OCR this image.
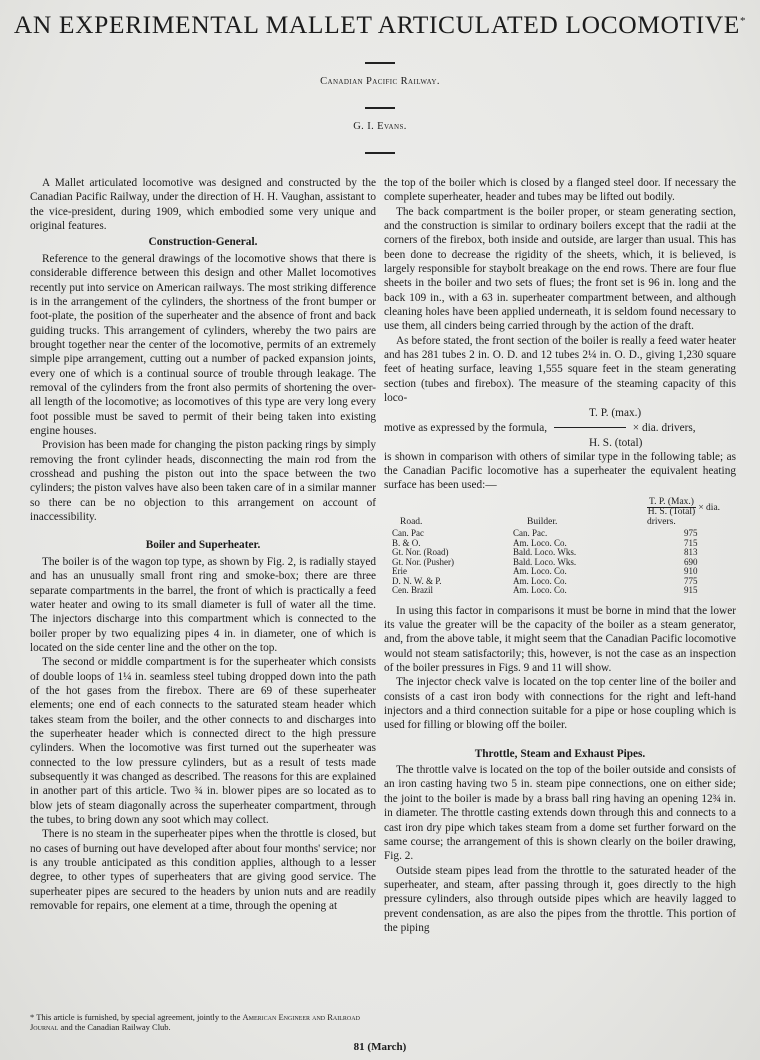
AN EXPERIMENTAL MALLET ARTICULATED LOCOMOTIVE*
Canadian Pacific Railway.
G. I. Evans.

A Mallet articulated locomotive was designed and constructed by the Canadian Pacific Railway, under the direction of H. H. Vaughan, assistant to the vice-president, during 1909, which embodied some very unique and original features.

Construction-General.

Reference to the general drawings of the locomotive shows that there is considerable difference between this design and other Mallet locomotives recently put into service on American railways. The most striking difference is in the arrangement of the cylinders, the shortness of the front bumper or foot-plate, the position of the superheater and the absence of front and back guiding trucks. This arrangement of cylinders, whereby the two pairs are brought together near the center of the locomotive, permits of an extremely simple pipe arrangement, cutting out a number of packed expansion joints, every one of which is a continual source of trouble through leakage. The removal of the cylinders from the front also permits of shortening the over-all length of the locomotive; as locomotives of this type are very long every foot possible must be saved to permit of their being taken into existing engine houses.

Provision has been made for changing the piston packing rings by simply removing the front cylinder heads, disconnecting the main rod from the crosshead and pushing the piston out into the space between the two cylinders; the piston valves have also been taken care of in a similar manner so there can be no objection to this arrangement on account of inaccessibility.

Boiler and Superheater.

The boiler is of the wagon top type, as shown by Fig. 2, is radially stayed and has an unusually small front ring and smoke-box; there are three separate compartments in the barrel, the front of which is practically a feed water heater and owing to its small diameter is full of water all the time. The injectors discharge into this compartment which is connected to the boiler proper by two equalizing pipes 4 in. in diameter, one of which is located on the side center line and the other on the top.

The second or middle compartment is for the superheater which consists of double loops of 1¼ in. seamless steel tubing dropped down into the path of the hot gases from the firebox. There are 69 of these superheater elements; one end of each connects to the saturated steam header which takes steam from the boiler, and the other connects to and discharges into the superheater header which is connected direct to the high pressure cylinders. When the locomotive was first turned out the superheater was connected to the low pressure cylinders, but as a result of tests made subsequently it was changed as described. The reasons for this are explained in another part of this article. Two ¾ in. blower pipes are so located as to blow jets of steam diagonally across the superheater compartment, through the tubes, to bring down any soot which may collect.

There is no steam in the superheater pipes when the throttle is closed, but no cases of burning out have developed after about four months' service; nor is any trouble anticipated as this condition applies, although to a lesser degree, to other types of superheaters that are giving good service. The superheater pipes are secured to the headers by union nuts and are readily removable for repairs, one element at a time, through the opening at

the top of the boiler which is closed by a flanged steel door. If necessary the complete superheater, header and tubes may be lifted out bodily.

The back compartment is the boiler proper, or steam generating section, and the construction is similar to ordinary boilers except that the radii at the corners of the firebox, both inside and outside, are larger than usual. This has been done to decrease the rigidity of the sheets, which, it is believed, is largely responsible for staybolt breakage on the end rows. There are four flue sheets in the boiler and two sets of flues; the front set is 96 in. long and the back 109 in., with a 63 in. superheater compartment between, and although cleaning holes have been applied underneath, it is seldom found necessary to use them, all cinders being carried through by the action of the draft.

As before stated, the front section of the boiler is really a feed water heater and has 281 tubes 2 in. O. D. and 12 tubes 2¼ in. O. D., giving 1,230 square feet of heating surface, leaving 1,555 square feet in the steam generating section (tubes and firebox). The measure of the steaming capacity of this loco-

T. P. (max.)
motive as expressed by the formula,	× dia. drivers,
H. S. (total)

is shown in comparison with others of similar type in the following table; as the Canadian Pacific locomotive has a superheater the equivalent heating surface has been used:—

Road.	Builder.	$\frac{\text{T. P. (Max.)}}{\text{H. S. (Total)}}$ × dia. drivers.
Can. Pac	Can. Pac.	975
B. & O.	Am. Loco. Co.	715
Gt. Nor. (Road)	Bald. Loco. Wks.	813
Gt. Nor. (Pusher)	Bald. Loco. Wks.	690
Erie	Am. Loco. Co.	910
D. N. W. & P.	Am. Loco. Co.	775
Cen. Brazil	Am. Loco. Co.	915

In using this factor in comparisons it must be borne in mind that the lower its value the greater will be the capacity of the boiler as a steam generator, and, from the above table, it might seem that the Canadian Pacific locomotive would not steam satisfactorily; this, however, is not the case as an inspection of the boiler pressures in Figs. 9 and 11 will show.

The injector check valve is located on the top center line of the boiler and consists of a cast iron body with connections for the right and left-hand injectors and a third connection suitable for a pipe or hose coupling which is used for filling or blowing off the boiler.

Throttle, Steam and Exhaust Pipes.

The throttle valve is located on the top of the boiler outside and consists of an iron casting having two 5 in. steam pipe connections, one on either side; the joint to the boiler is made by a brass ball ring having an opening 12¾ in. in diameter. The throttle casting extends down through this and connects to a cast iron dry pipe which takes steam from a dome set further forward on the same course; the arrangement of this is shown clearly on the boiler drawing, Fig. 2.

Outside steam pipes lead from the throttle to the saturated header of the superheater, and steam, after passing through it, goes directly to the high pressure cylinders, also through outside pipes which are heavily lagged to prevent condensation, as are also the pipes from the throttle. This portion of the piping

* This article is furnished, by special agreement, jointly to the American Engineer and Railroad Journal and the Canadian Railway Club.
81 (March)
